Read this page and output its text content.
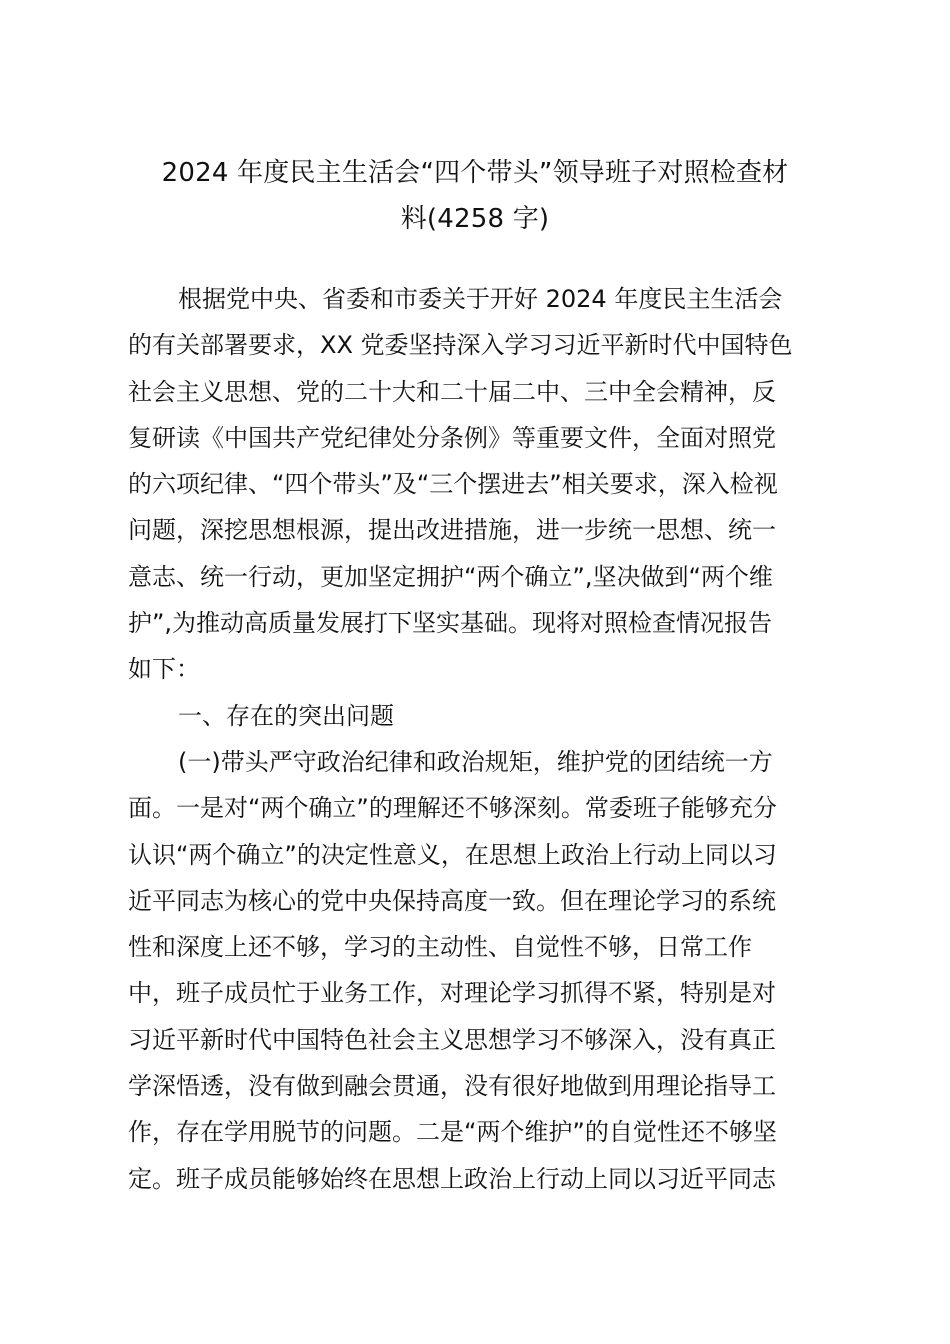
2024 年度民主生活会“四个带头”领导班子对照检查材
料(4258 字)
根据党中央、省委和市委关于开好 2024 年度民主生活会
的有关部署要求，XX 党委坚持深入学习习近平新时代中国特色
社会主义思想、党的二十大和二十届二中、三中全会精神，反
复研读《中国共产党纪律处分条例》等重要文件，全面对照党
的六项纪律、“四个带头”及“三个摆进去”相关要求，深入检视
问题，深挖思想根源，提出改进措施，进一步统一思想、统一
意志、统一行动，更加坚定拥护“两个确立”,坚决做到“两个维
护”,为推动高质量发展打下坚实基础。现将对照检查情况报告
如下：
一、存在的突出问题
(一)带头严守政治纪律和政治规矩，维护党的团结统一方
面。一是对“两个确立”的理解还不够深刻。常委班子能够充分
认识“两个确立”的决定性意义，在思想上政治上行动上同以习
近平同志为核心的党中央保持高度一致。但在理论学习的系统
性和深度上还不够，学习的主动性、自觉性不够，日常工作
中，班子成员忙于业务工作，对理论学习抓得不紧，特别是对
习近平新时代中国特色社会主义思想学习不够深入，没有真正
学深悟透，没有做到融会贯通，没有很好地做到用理论指导工
作，存在学用脱节的问题。二是“两个维护”的自觉性还不够坚
定。班子成员能够始终在思想上政治上行动上同以习近平同志
